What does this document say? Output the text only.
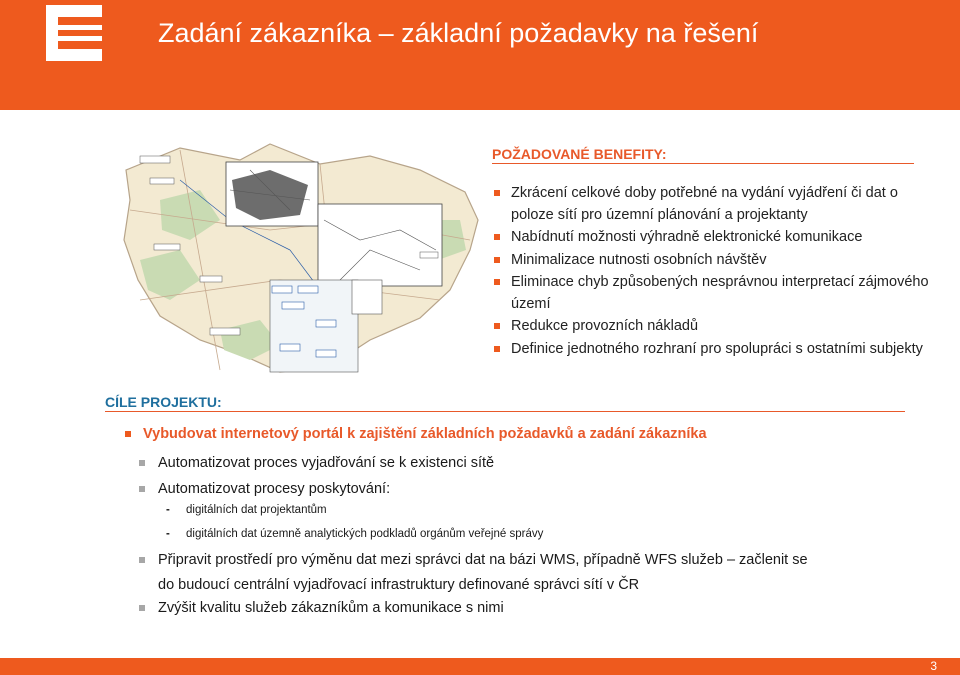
Zadání zákazníka – základní požadavky na řešení
POŽADOVANÉ BENEFITY:
Zkrácení celkové doby potřebné na vydání vyjádření či dat o poloze sítí pro územní plánování a projektanty
Nabídnutí možnosti výhradně elektronické komunikace
Minimalizace nutnosti osobních návštěv
Eliminace chyb způsobených nesprávnou interpretací zájmového území
Redukce provozních nákladů
Definice jednotného rozhraní pro spolupráci s ostatními subjekty
CÍLE PROJEKTU:
Vybudovat internetový portál k zajištění základních požadavků a zadání zákazníka
Automatizovat proces vyjadřování se k existenci sítě
Automatizovat procesy poskytování:
Připravit prostředí pro výměnu dat mezi správci dat na bázi WMS, případně WFS služeb – začlenit se
do budoucí centrální vyjadřovací infrastruktury definované správci sítí v ČR
Zvýšit kvalitu služeb zákazníkům a komunikace s nimi
- digitálních dat projektantům
- digitálních dat územně analytických podkladů orgánům veřejné správy
3
